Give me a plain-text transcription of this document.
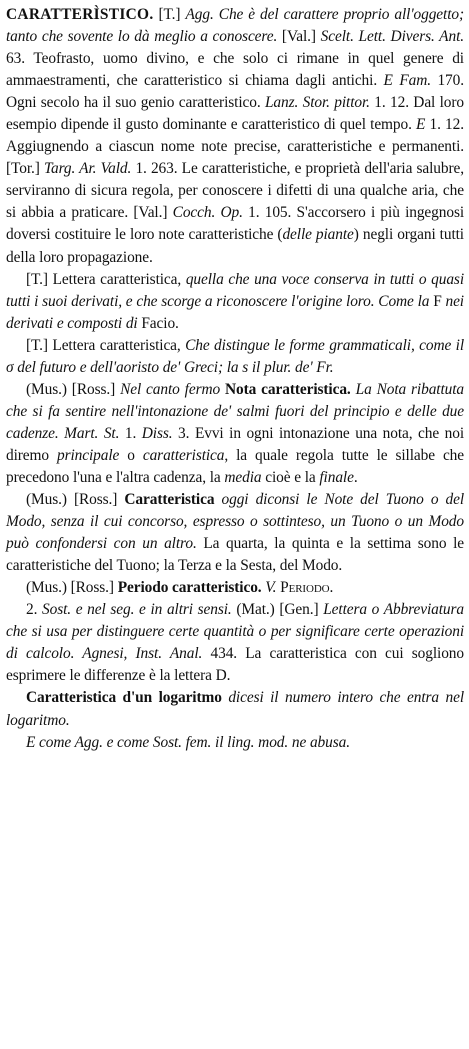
CARATTERÌSTICO. [T.] Agg. Che è del carattere proprio all'oggetto; tanto che sovente lo dà meglio a conoscere. [Val.] Scelt. Lett. Divers. Ant. 63. Teofrasto, uomo divino, e che solo ci rimane in quel genere di ammaestramenti, che caratteristico si chiama dagli antichi. E Fam. 170. Ogni secolo ha il suo genio caratteristico. Lanz. Stor. pittor. 1. 12. Dal loro esempio dipende il gusto dominante e caratteristico di quel tempo. E 1. 12. Aggiugnendo a ciascun nome note precise, caratteristiche e permanenti. [Tor.] Targ. Ar. Vald. 1. 263. Le caratteristiche, e proprietà dell'aria salubre, serviranno di sicura regola, per conoscere i difetti di una qualche aria, che si abbia a praticare. [Val.] Cocch. Op. 1. 105. S'accorsero i più ingegnosi doversi costituire le loro note caratteristiche (delle piante) negli organi tutti della loro propagazione.

[T.] Lettera caratteristica, quella che una voce conserva in tutti o quasi tutti i suoi derivati, e che scorge a riconoscere l'origine loro. Come la F nei derivati e composti di Facio.

[T.] Lettera caratteristica, Che distingue le forme grammaticali, come il σ del futuro e dell'aoristo de' Greci; la s il plur. de' Fr.

(Mus.) [Ross.] Nel canto fermo Nota caratteristica. La Nota ribattuta che si fa sentire nell'intonazione de' salmi fuori del principio e delle due cadenze. Mart. St. 1. Diss. 3. Evvi in ogni intonazione una nota, che noi diremo principale o caratteristica, la quale regola tutte le sillabe che precedono l'una e l'altra cadenza, la media cioè e la finale.

(Mus.) [Ross.] Caratteristica oggi diconsi le Note del Tuono o del Modo, senza il cui concorso, espresso o sottinteso, un Tuono o un Modo può confondersi con un altro. La quarta, la quinta e la settima sono le caratteristiche del Tuono; la Terza e la Sesta, del Modo.

(Mus.) [Ross.] Periodo caratteristico. V. Periodo.

2. Sost. e nel seg. e in altri sensi. (Mat.) [Gen.] Lettera o Abbreviatura che si usa per distinguere certe quantità o per significare certe operazioni di calcolo. Agnesi, Inst. Anal. 434. La caratteristica con cui sogliono esprimere le differenze è la lettera D.

Caratteristica d'un logaritmo dicesi il numero intero che entra nel logaritmo.

E come Agg. e come Sost. fem. il ling. mod. ne abusa.
